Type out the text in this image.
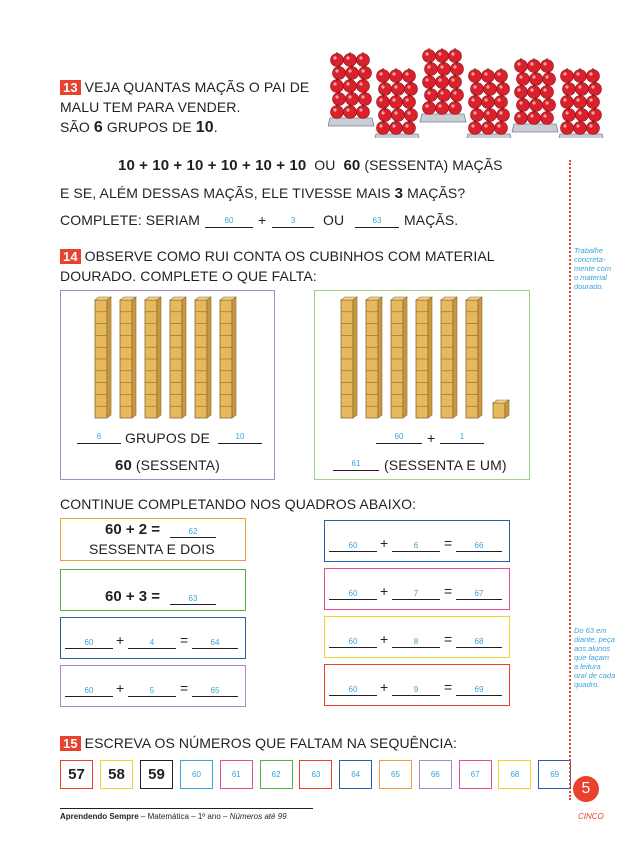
13 VEJA QUANTAS MAÇÃS O PAI DE
MALU TEM PARA VENDER.
SÃO 6 GRUPOS DE 10.
10 + 10 + 10 + 10 + 10 + 10 OU 60 (SESSENTA) MAÇÃS
E SE, ALÉM DESSAS MAÇÃS, ELE TIVESSE MAIS 3 MAÇÃS?
COMPLETE: SERIAM	60	+	3	OU	63	MAÇÃS.
14 OBSERVE COMO RUI CONTA OS CUBINHOS COM MATERIAL
DOURADO. COMPLETE O QUE FALTA:
6	GRUPOS DE	10
60 (SESSENTA)
60	+	1
61	(SESSENTA E UM)
CONTINUE COMPLETANDO NOS QUADROS ABAIXO:
60 + 2 =	62
SESSENTA E DOIS
60 + 3 =	63
60	+	4	=	64
60	+	5	=	65
60	+	6	=	66
60	+	7	=	67
60	+	8	=	68
60	+	9	=	69
15 ESCREVA OS NÚMEROS QUE FALTAM NA SEQUÊNCIA:
57	58	59	60	61	62	63	64	65	66	67	68	69
Trabalhe
concreta-
mente com
o material
dourado.
Do 63 em
diante, peça
aos alunos
que façam
a leitura
oral de cada
quadro.
5
Aprendendo Sempre – Matemática – 1º ano – Números até 99	CINCO
